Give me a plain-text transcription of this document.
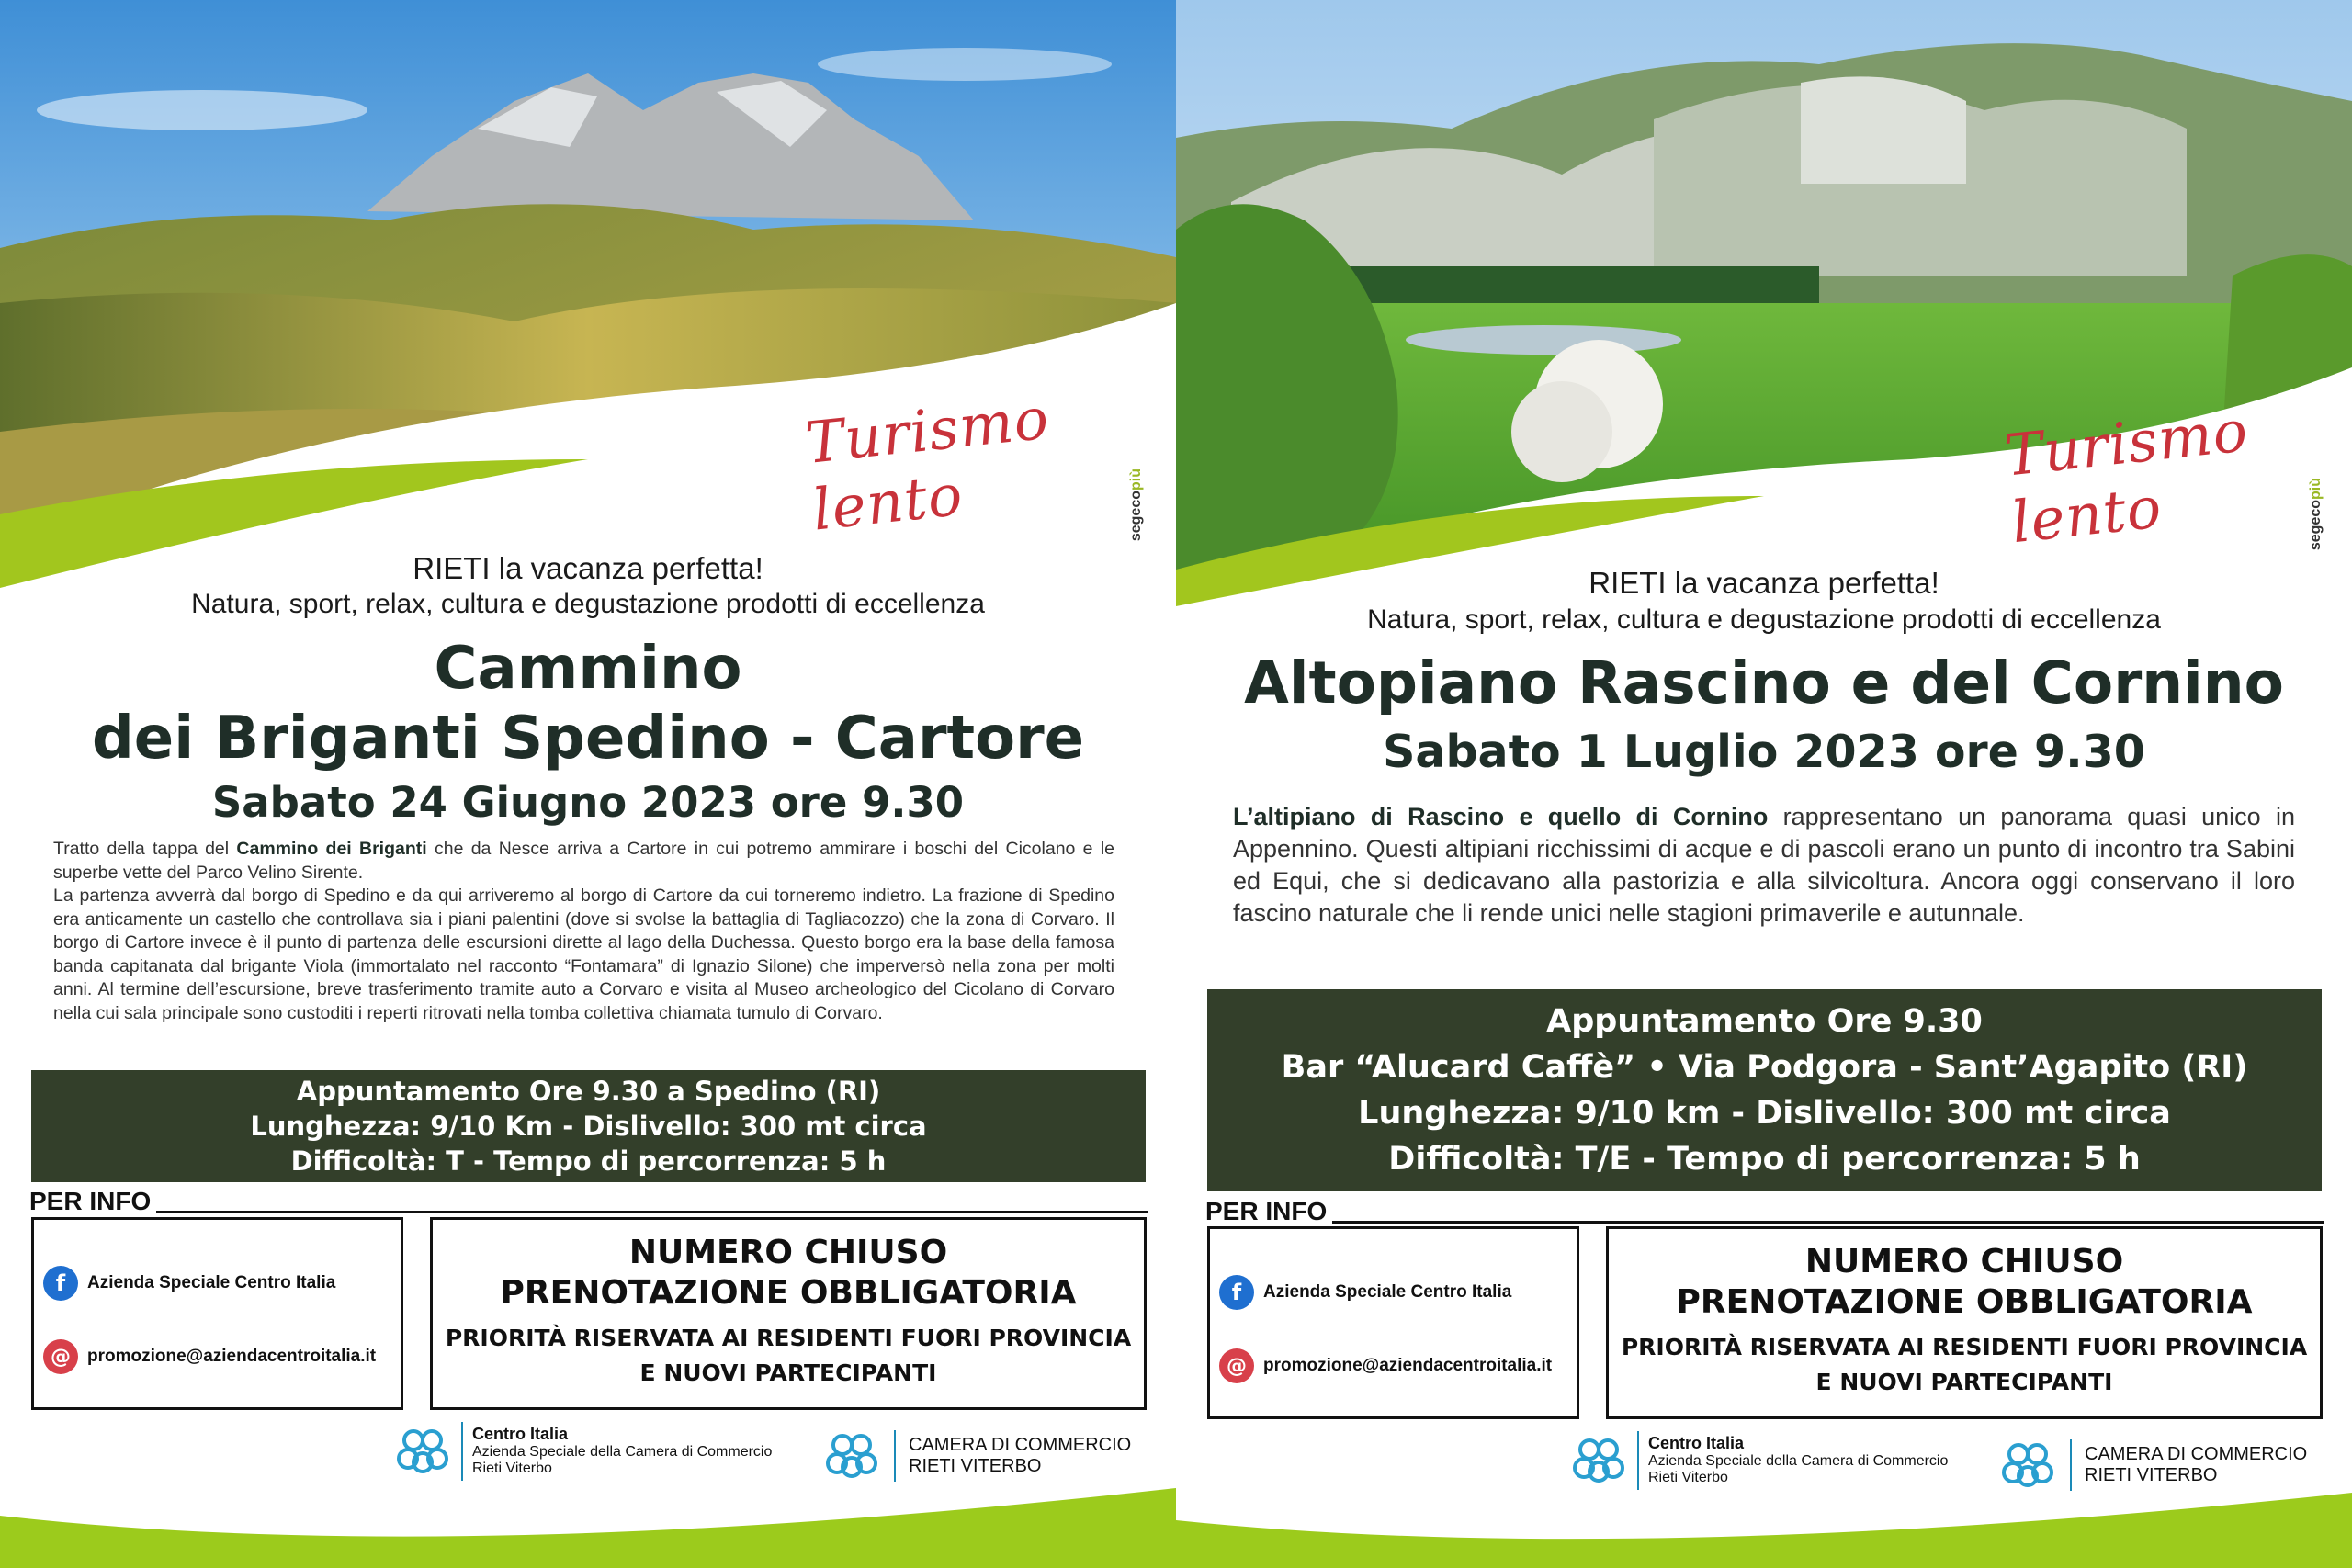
Turismo lento	segecopiù
RIETI la vacanza perfetta!
Natura, sport, relax, cultura e degustazione prodotti di eccellenza
Cammino
dei Briganti Spedino - Cartore
Sabato 24 Giugno 2023 ore 9.30
Tratto della tappa del Cammino dei Briganti che da Nesce arriva a Cartore in cui potremo ammirare i boschi del Cicolano e le superbe vette del Parco Velino Sirente.
La partenza avverrà dal borgo di Spedino e da qui arriveremo al borgo di Cartore da cui torneremo indietro. La frazione di Spedino era anticamente un castello che controllava sia i piani palentini (dove si svolse la battaglia di Tagliacozzo) che la zona di Corvaro. Il borgo di Cartore invece è il punto di partenza delle escursioni dirette al lago della Duchessa. Questo borgo era la base della famosa banda capitanata dal brigante Viola (immortalato nel racconto “Fontamara” di Ignazio Silone) che imperversò nella zona per molti anni. Al termine dell’escursione, breve trasferimento tramite auto a Corvaro e visita al Museo archeologico del Cicolano di Corvaro nella cui sala principale sono custoditi i reperti ritrovati nella tomba collettiva chiamata tumulo di Corvaro.
Appuntamento Ore 9.30 a Spedino (RI)
Lunghezza: 9/10 Km - Dislivello: 300 mt circa
Difficoltà: T - Tempo di percorrenza: 5 h
PER INFO
f	Azienda Speciale Centro Italia
@ promozione@aziendacentroitalia.it
NUMERO CHIUSO
PRENOTAZIONE OBBLIGATORIA
PRIORITÀ RISERVATA AI RESIDENTI FUORI PROVINCIA
E NUOVI PARTECIPANTI
Centro Italia
Azienda Speciale della Camera di Commercio
Rieti Viterbo
CAMERA DI COMMERCIO
RIETI VITERBO
Turismo lento	segecopiù
RIETI la vacanza perfetta!
Natura, sport, relax, cultura e degustazione prodotti di eccellenza
Altopiano Rascino e del Cornino
Sabato 1 Luglio 2023 ore 9.30
L’altipiano di Rascino e quello di Cornino rappresentano un panorama quasi unico in Appennino. Questi altipiani ricchissimi di acque e di pascoli erano un punto di incontro tra Sabini ed Equi, che si dedicavano alla pastorizia e alla silvicoltura. Ancora oggi conservano il loro fascino naturale che li rende unici nelle stagioni primaverile e autunnale.
Appuntamento Ore 9.30
Bar “Alucard Caffè” • Via Podgora - Sant’Agapito (RI)
Lunghezza: 9/10 km - Dislivello: 300 mt circa
Difficoltà: T/E - Tempo di percorrenza: 5 h
PER INFO
f	Azienda Speciale Centro Italia
@ promozione@aziendacentroitalia.it
NUMERO CHIUSO
PRENOTAZIONE OBBLIGATORIA
PRIORITÀ RISERVATA AI RESIDENTI FUORI PROVINCIA
E NUOVI PARTECIPANTI
Centro Italia
Azienda Speciale della Camera di Commercio
Rieti Viterbo
CAMERA DI COMMERCIO
RIETI VITERBO
